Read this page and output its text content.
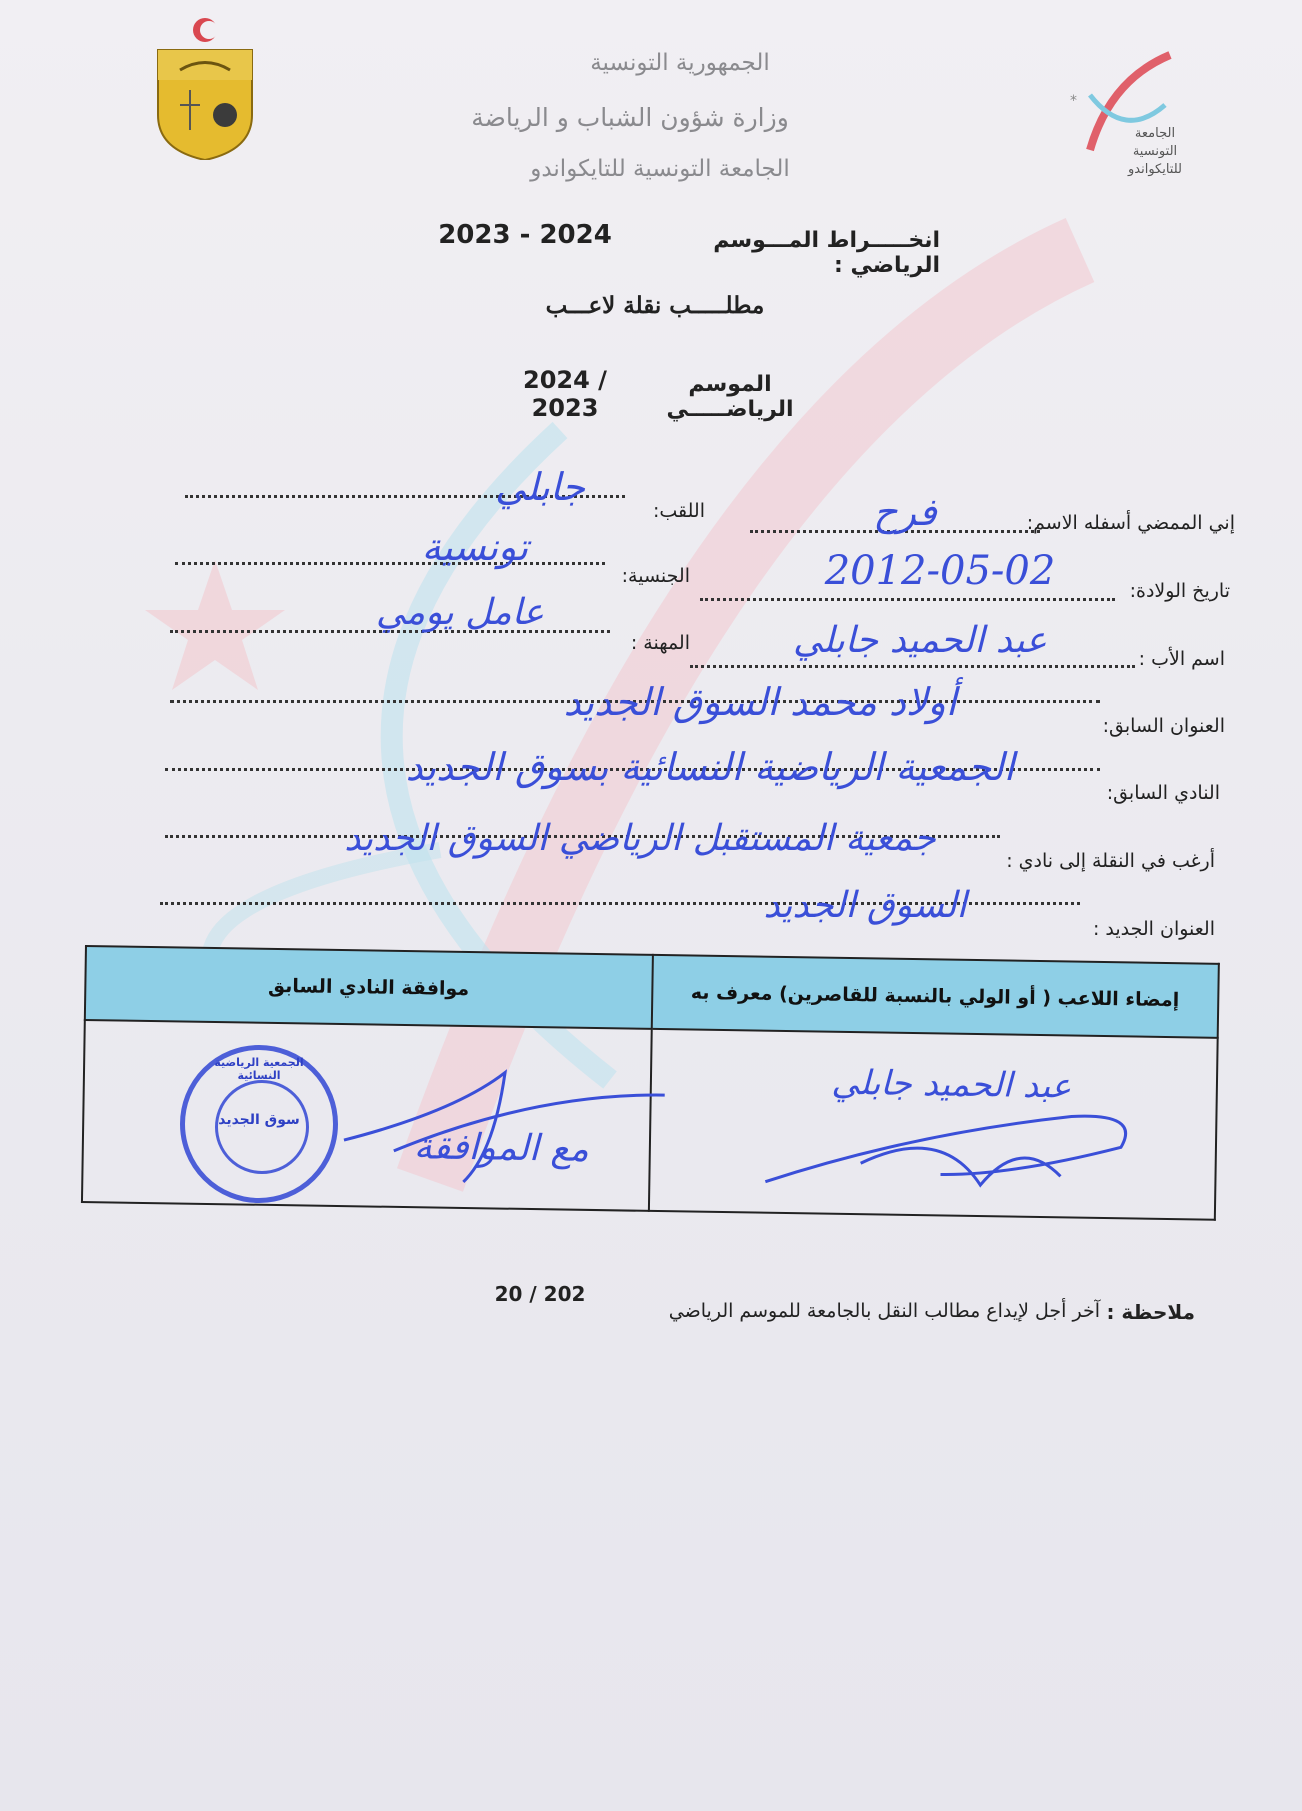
*
الجامعة التونسية للتايكواندو
الجمهورية التونسية
وزارة شؤون الشباب و الرياضة
الجامعة التونسية للتايكواندو
انخـــــراط المـــوسم الرياضي :
2023 - 2024
مطلـــــب نقلة لاعـــب
الموسم الرياضـــــي
2024 / 2023
إني الممضي أسفله الاسم:
فرح
اللقب:
جابلي
تاريخ الولادة:
2012-05-02
الجنسية:
تونسية
اسم الأب :
عبد الحميد جابلي
المهنة :
عامل يومي
العنوان السابق:
أولاد محمد السوق الجديد
النادي السابق:
الجمعية الرياضية النسائية بسوق الجديد
أرغب في النقلة إلى نادي :
جمعية المستقبل الرياضي السوق الجديد
العنوان الجديد :
السوق الجديد
موافقة النادي السابق	إمضاء اللاعب ( أو الولي بالنسبة للقاصرين) معرف به

مع الموافقة	عبد الحميد جابلي
سوق الجديد
الجمعية الرياضية النسائية
ملاحظة :
آخر أجل لإيداع مطالب النقل بالجامعة للموسم الرياضي
20 / 202
